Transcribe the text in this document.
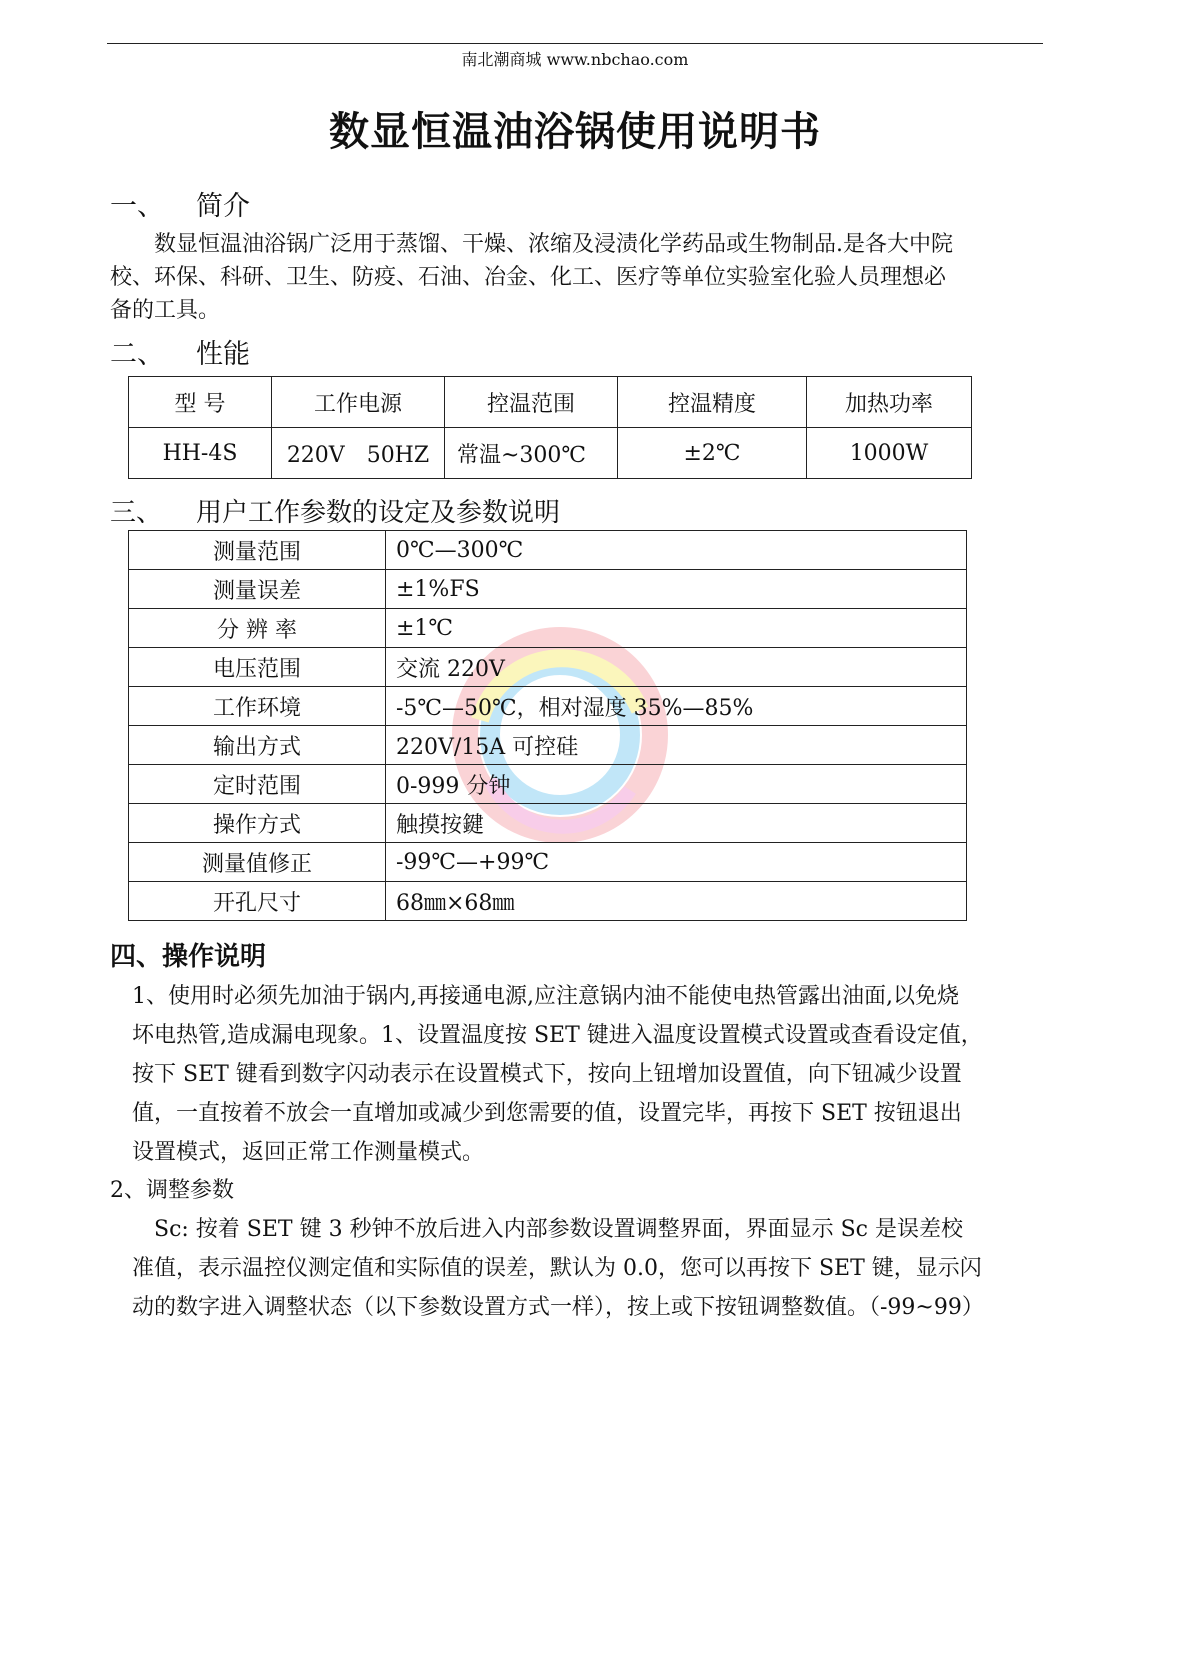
南北潮商城 www.nbchao.com
数显恒温油浴锅使用说明书
一、 简介
　　数显恒温油浴锅广泛用于蒸馏、干燥、浓缩及浸渍化学药品或生物制品.是各大中院
校、环保、科研、卫生、防疫、石油、冶金、化工、医疗等单位实验室化验人员理想必
备的工具。
二、 性能
型 号	工作电源	控温范围	控温精度	加热功率
HH-4S	220V　50HZ	常温~300℃	±2℃	1000W
三、 用户工作参数的设定及参数说明
测量范围	0℃—300℃
测量误差	±1%FS
分 辨 率	±1℃
电压范围	交流 220V
工作环境	-5℃—50℃，相对湿度 35%—85%
输出方式	220V/15A 可控硅
定时范围	0-999 分钟
操作方式	触摸按鍵
测量值修正	-99℃—+99℃
开孔尺寸	68㎜×68㎜
四、操作说明
1、使用时必须先加油于锅内,再接通电源,应注意锅内油不能使电热管露出油面,以免烧
坏电热管,造成漏电现象。1、设置温度按 SET 键进入温度设置模式设置或查看设定值，
按下 SET 键看到数字闪动表示在设置模式下，按向上钮增加设置值，向下钮减少设置
值，一直按着不放会一直增加或减少到您需要的值，设置完毕，再按下 SET 按钮退出
设置模式，返回正常工作测量模式。
2、调整参数
　Sc: 按着 SET 键 3 秒钟不放后进入内部参数设置调整界面，界面显示 Sc 是误差校
准值，表示温控仪测定值和实际值的误差，默认为 0.0，您可以再按下 SET 键，显示闪
动的数字进入调整状态（以下参数设置方式一样），按上或下按钮调整数值。（-99~99）
